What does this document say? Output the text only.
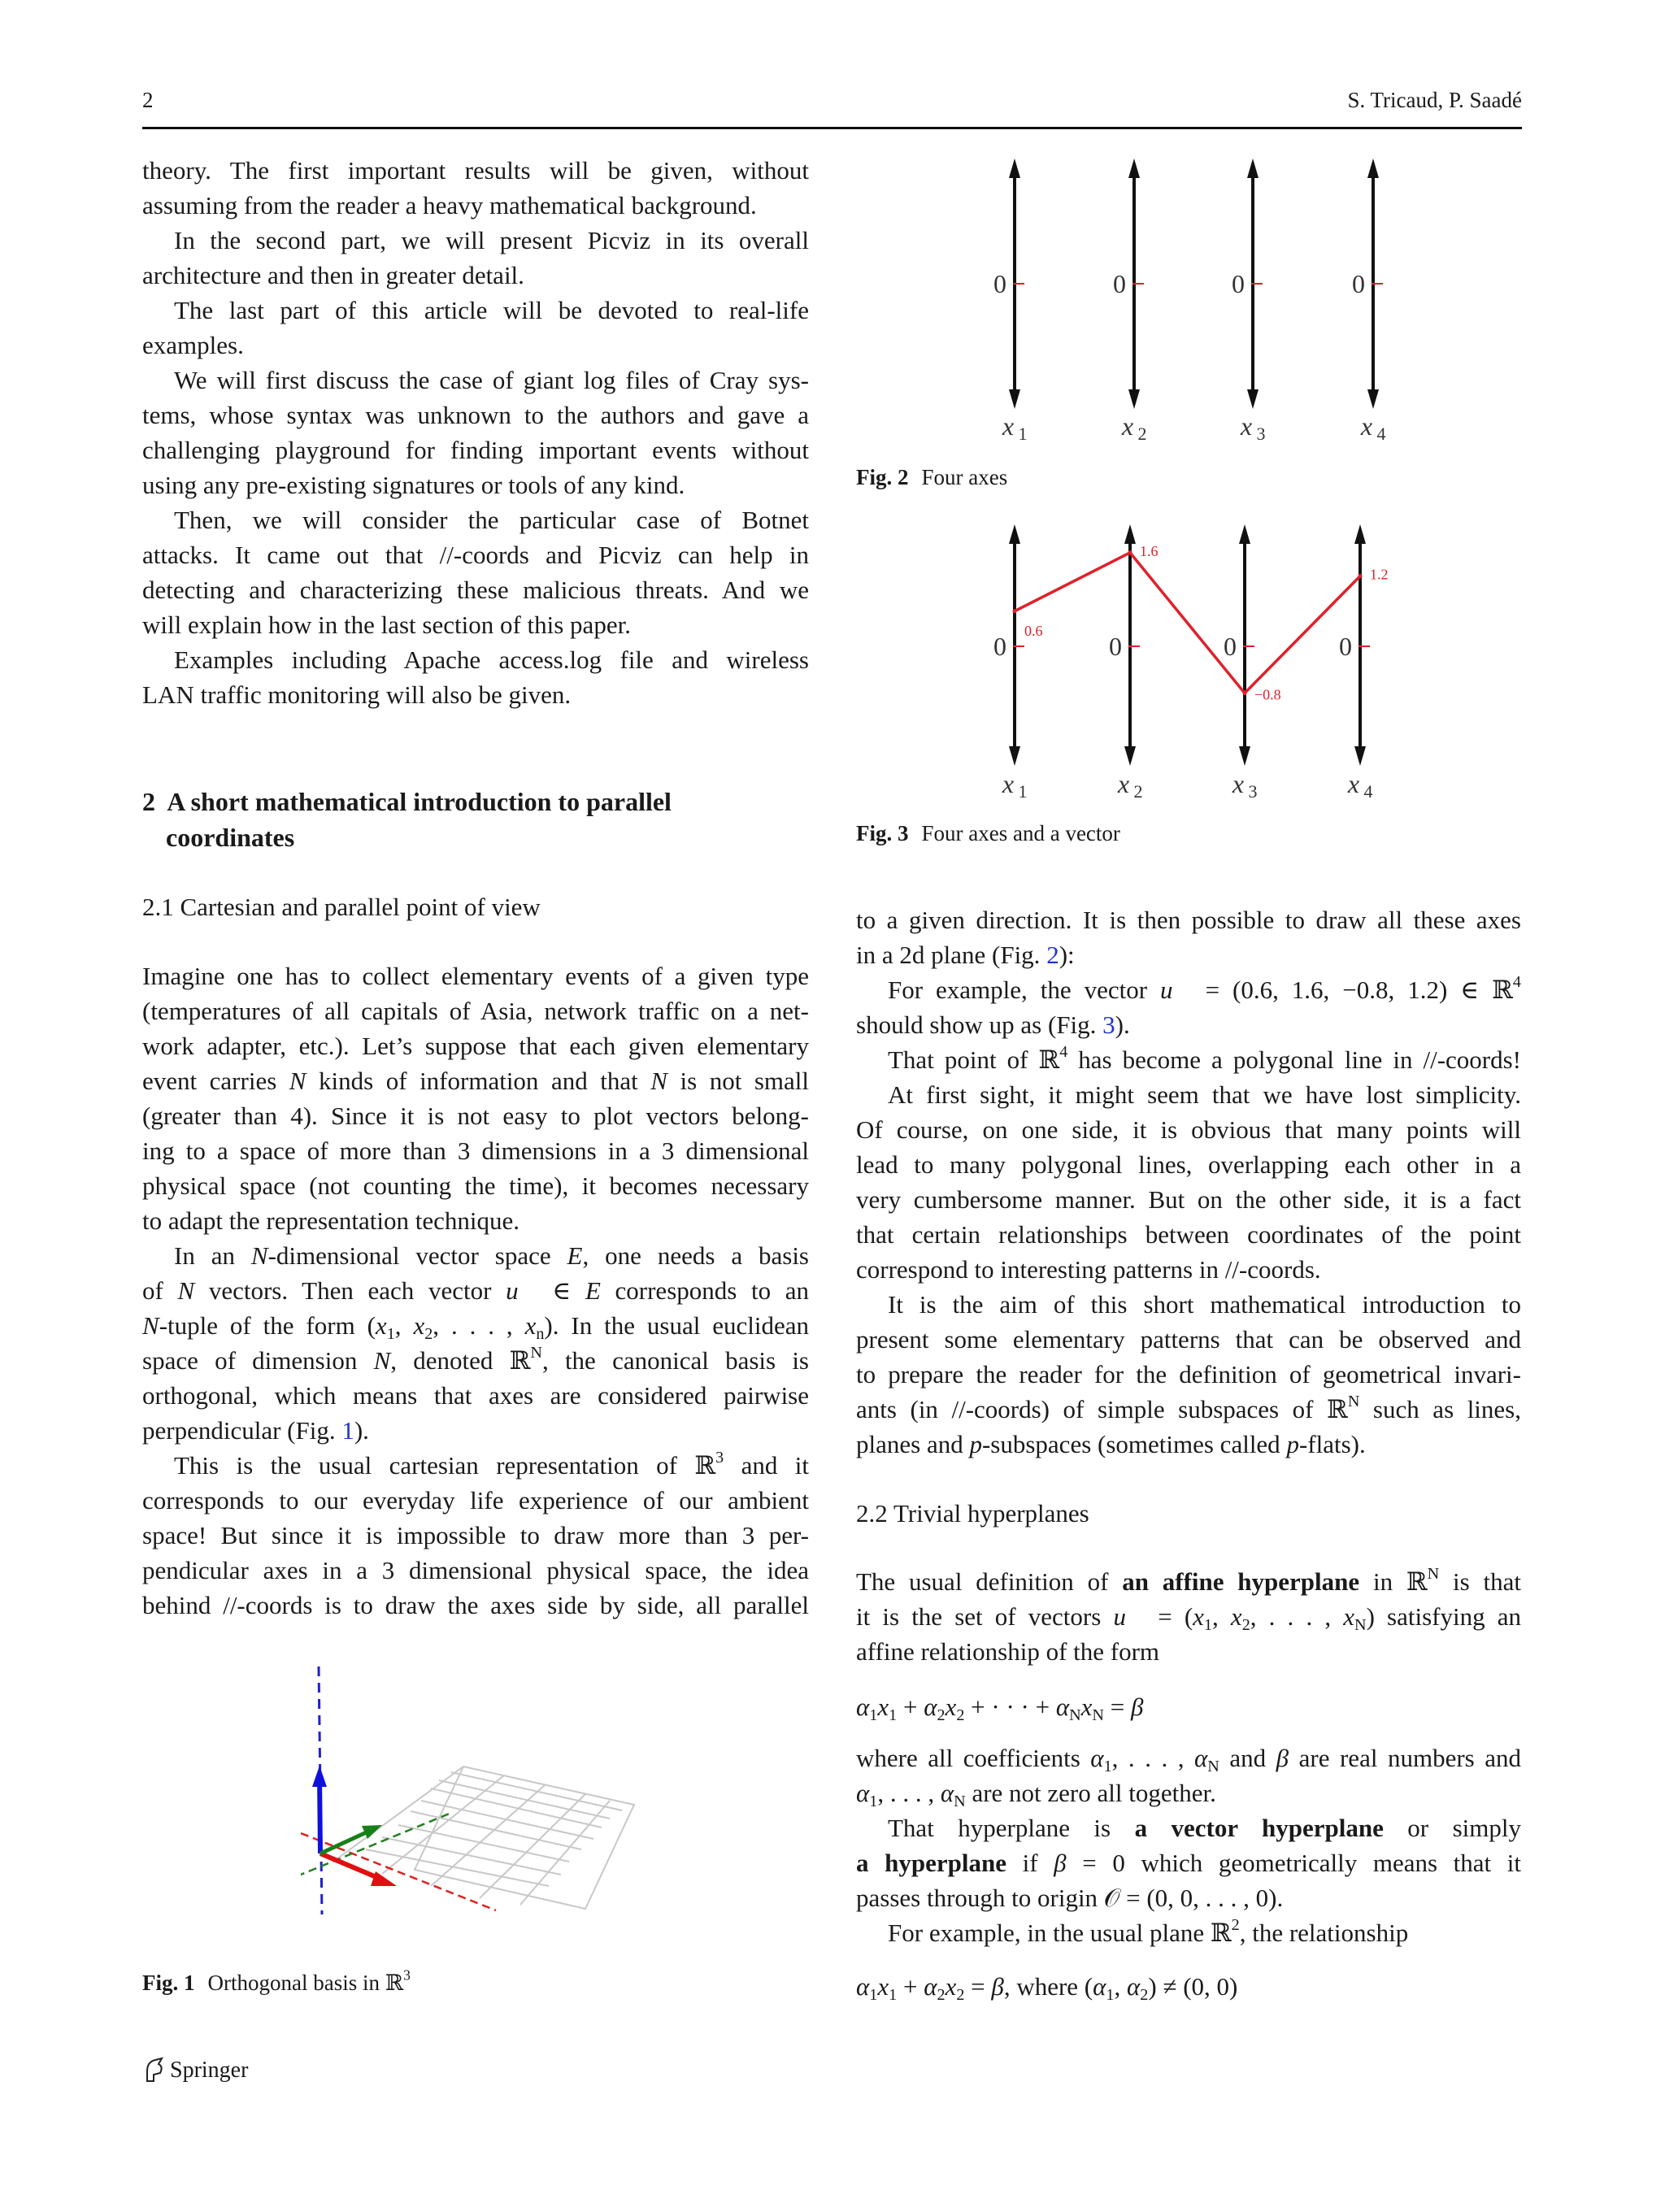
2	S. Tricaud, P. Saadé
theory. The first important results will be given, without
assuming from the reader a heavy mathematical background.
In the second part, we will present Picviz in its overall
architecture and then in greater detail.
The last part of this article will be devoted to real-life
examples.
We will first discuss the case of giant log files of Cray sys-
tems, whose syntax was unknown to the authors and gave a
challenging playground for finding important events without
using any pre-existing signatures or tools of any kind.
Then, we will consider the particular case of Botnet
attacks. It came out that //-coords and Picviz can help in
detecting and characterizing these malicious threats. And we
will explain how in the last section of this paper.
Examples including Apache access.log file and wireless
LAN traffic monitoring will also be given.
2 A short mathematical introduction to parallel
coordinates
2.1 Cartesian and parallel point of view
Imagine one has to collect elementary events of a given type
(temperatures of all capitals of Asia, network traffic on a net-
work adapter, etc.). Let’s suppose that each given elementary
event carries N kinds of information and that N is not small
(greater than 4). Since it is not easy to plot vectors belong-
ing to a space of more than 3 dimensions in a 3 dimensional
physical space (not counting the time), it becomes necessary
to adapt the representation technique.
In an N-dimensional vector space E, one needs a basis
of N vectors. Then each vector u⃗ ∈ E corresponds to an
N-tuple of the form ($x_1$, $x_2$, . . . , $x_n$). In the usual euclidean
space of dimension N, denoted ℝ$^N$, the canonical basis is
orthogonal, which means that axes are considered pairwise
perpendicular (Fig. 1).
This is the usual cartesian representation of ℝ$^3$ and it
corresponds to our everyday life experience of our ambient
space! But since it is impossible to draw more than 3 per-
pendicular axes in a 3 dimensional physical space, the idea
behind //-coords is to draw the axes side by side, all parallel
Fig. 1 Orthogonal basis in ℝ$^3$
Springer
0
x 1
0
x 2
0
x 3
0
x 4
Fig. 2 Four axes
0
x 1
0
x 2
0
x 3
0
x 4
0.6
1.6
−0.8
1.2
Fig. 3 Four axes and a vector
to a given direction. It is then possible to draw all these axes
in a 2d plane (Fig. 2):
For example, the vector u⃗ = (0.6, 1.6, −0.8, 1.2) ∈ ℝ$^4$
should show up as (Fig. 3).
That point of ℝ$^4$ has become a polygonal line in //-coords!
At first sight, it might seem that we have lost simplicity.
Of course, on one side, it is obvious that many points will
lead to many polygonal lines, overlapping each other in a
very cumbersome manner. But on the other side, it is a fact
that certain relationships between coordinates of the point
correspond to interesting patterns in //-coords.
It is the aim of this short mathematical introduction to
present some elementary patterns that can be observed and
to prepare the reader for the definition of geometrical invari-
ants (in //-coords) of simple subspaces of ℝ$^N$ such as lines,
planes and p-subspaces (sometimes called p-flats).
2.2 Trivial hyperplanes
The usual definition of an affine hyperplane in ℝ$^N$ is that
it is the set of vectors u⃗ = ($x_1$, $x_2$, . . . , $x_N$) satisfying an
affine relationship of the form
$\alpha_1x_1 + \alpha_2x_2$ + · · · + $\alpha_Nx_N = \beta$
where all coefficients $\alpha_1$, . . . , $\alpha_N$ and β are real numbers and
$\alpha_1$, . . . , $\alpha_N$ are not zero all together.
That hyperplane is a vector hyperplane or simply
a hyperplane if β = 0 which geometrically means that it
passes through to origin 𝒪 = (0, 0, . . . , 0).
For example, in the usual plane ℝ$^2$, the relationship
$\alpha_1x_1 + \alpha_2x_2 = \beta$, where ($\alpha_1$, $\alpha_2) \ne (0$, 0)
